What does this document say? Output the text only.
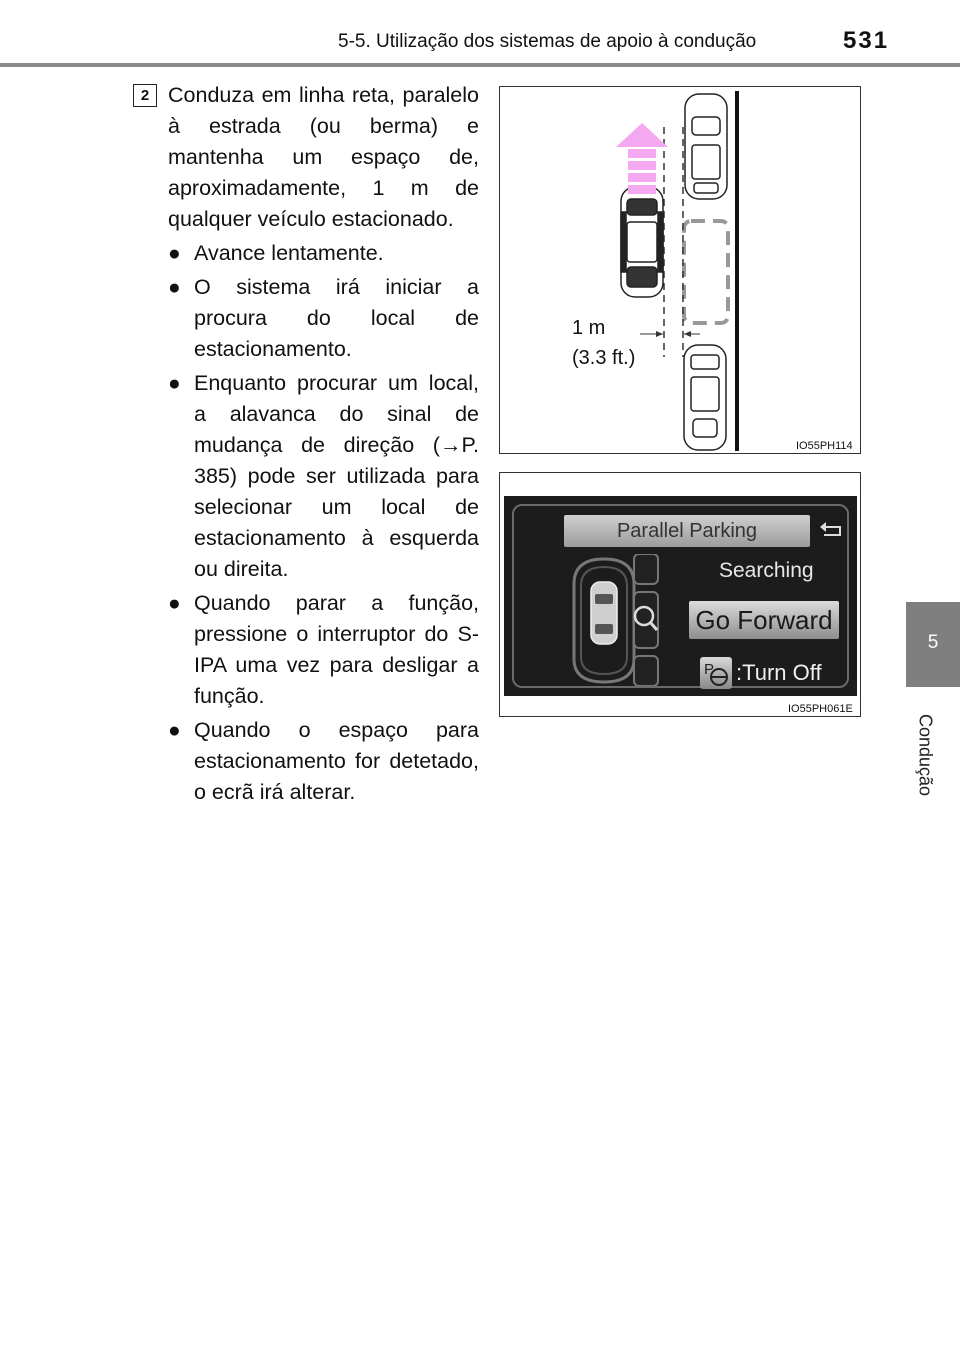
5-5. Utilização dos sistemas de apoio à condução	531
5
Condução
2 Conduza em linha reta, paralelo à estrada (ou berma) e mantenha um espaço de, aproximadamente, 1 m de qualquer veículo estacionado.

● Avance lentamente.
● O sistema irá iniciar a procura do local de estacionamento.
● Enquanto procurar um local, a alavanca do sinal de mudança de direção (→P. 385) pode ser utilizada para selecionar um local de estacionamento à esquerda ou direita.
● Quando parar a função, pressione o interruptor do S-IPA uma vez para desligar a função.
● Quando o espaço para estacionamento for detetado, o ecrã irá alterar.
1 m
(3.3 ft.)
IO55PH114
Parallel Parking
Searching
Go Forward
P :Turn Off
IO55PH061E
